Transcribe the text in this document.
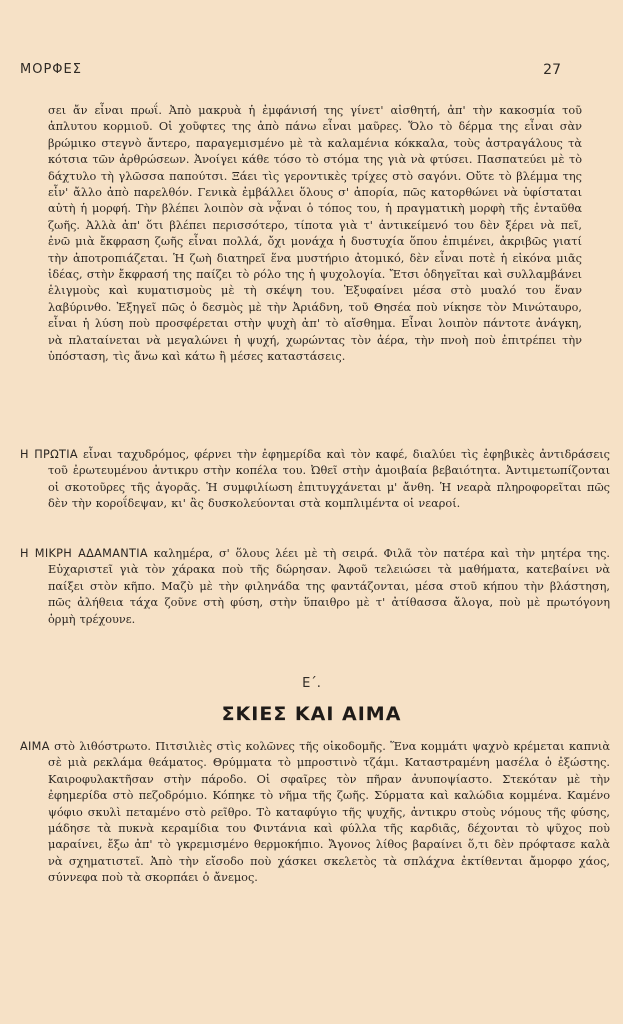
ΜΟΡΦΕΣ	27
σει ἄν εἶναι πρωΐ. Ἀπὸ μακρυὰ ἡ ἐμφάνισή της γίνετ' αἰσθητή, ἀπ' τὴν κακοσμία τοῦ ἀπλυτου κορμιοῦ. Οἱ χοῦφτες της ἀπὸ πάνω εἶναι μαῦρες. Ὅλο τὸ δέρμα της εἶναι σὰν βρώμικο στεγνὸ ἄντερο, παραγεμισμένο μὲ τὰ καλαμένια κόκκαλα, τοὺς ἀστραγάλους τὰ κότσια τῶν ἀρθρώσεων. Ἀνοίγει κάθε τόσο τὸ στόμα της γιὰ νὰ φτύσει. Πασπατεύει μὲ τὸ δάχτυλο τὴ γλῶσσα παπούτσι. Ξάει τὶς γεροντικὲς τρίχες στὸ σαγόνι. Οὔτε τὸ βλέμμα της εἶν' ἄλλο ἀπὸ παρελθόν. Γενικὰ ἐμβάλλει ὅλους σ' ἀπορία, πῶς κατορθώνει νὰ ὑφίσταται αὐτὴ ἡ μορφή. Τὴν βλέπει λοιπὸν σὰ νᾆναι ὁ τόπος του, ἡ πραγματικὴ μορφὴ τῆς ἐνταῦθα ζωῆς. Ἀλλὰ ἀπ' ὅτι βλέπει περισσότερο, τίποτα γιὰ τ' ἀντικείμενό του δὲν ξέρει νὰ πεῖ, ἐνῶ μιὰ ἔκφραση ζωῆς εἶναι πολλά, ὄχι μονάχα ἡ δυστυχία ὅπου ἐπιμένει, ἀκριβῶς γιατί τὴν ἀποτροπιάζεται. Ἡ ζωὴ διατηρεῖ ἕνα μυστήριο ἀτομικό, δὲν εἶναι ποτὲ ἡ εἰκόνα μιᾶς ἰδέας, στὴν ἔκφρασή της παίζει τὸ ρόλο της ἡ ψυχολογία. Ἔτσι ὁδηγεῖται καὶ συλλαμβάνει ἑλιγμοὺς καὶ κυματισμοὺς μὲ τὴ σκέψη του. Ἐξυφαίνει μέσα στὸ μυαλό του ἕναν λαβύρινθο. Ἐξηγεῖ πῶς ὁ δεσμὸς μὲ τὴν Ἀριάδνη, τοῦ Θησέα ποὺ νίκησε τὸν Μινώταυρο, εἶναι ἡ λύση ποὺ προσφέρεται στὴν ψυχὴ ἀπ' τὸ αἴσθημα. Εἶναι λοιπὸν πάντοτε ἀνάγκη, νὰ πλαταίνεται νὰ μεγαλώνει ἡ ψυχή, χωρώντας τὸν ἀέρα, τὴν πνοὴ ποὺ ἐπιτρέπει τὴν ὑπόσταση, τὶς ἄνω καὶ κάτω ἢ μέσες καταστάσεις.
Η ΠΡΩΤΙΑ εἶναι ταχυδρόμος, φέρνει τὴν ἐφημερίδα καὶ τὸν καφέ, διαλύει τὶς ἐφηβικὲς ἀντιδράσεις τοῦ ἐρωτευμένου ἀντικρυ στὴν κοπέλα του. Ὠθεῖ στὴν ἀμοιβαία βεβαιότητα. Ἀντιμετωπίζονται οἱ σκοτοῦρες τῆς ἀγορᾶς. Ἡ συμφιλίωση ἐπιτυγχάνεται μ' ἄνθη. Ἡ νεαρὰ πληροφορεῖται πῶς δὲν τὴν κοροΐδεψαν, κι' ἂς δυσκολεύονται στὰ κομπλιμέντα οἱ νεαροί.
Η ΜΙΚΡΗ ΑΔΑΜΑΝΤΙΑ καλημέρα, σ' ὅλους λέει μὲ τὴ σειρά. Φιλᾶ τὸν πατέρα καὶ τὴν μητέρα της. Εὐχαριστεῖ γιὰ τὸν χάρακα ποὺ τῆς δώρησαν. Ἀφοῦ τελειώσει τὰ μαθήματα, κατεβαίνει νὰ παίξει στὸν κῆπο. Μαζὺ μὲ τὴν φιληνάδα της φαντάζονται, μέσα στοῦ κήπου τὴν βλάστηση, πῶς ἀλήθεια τάχα ζοῦνε στὴ φύση, στὴν ὕπαιθρο μὲ τ' ἀτίθασσα ἄλογα, ποὺ μὲ πρωτόγονη ὁρμὴ τρέχουνε.
Ε΄.
ΣΚΙΕΣ ΚΑΙ ΑΙΜΑ
ΑΙΜΑ στὸ λιθόστρωτο. Πιτσιλιὲς στὶς κολῶνες τῆς οἰκοδομῆς. Ἕνα κομμάτι ψαχνὸ κρέμεται καπνιὰ σὲ μιὰ ρεκλάμα θεάματος. Θρύμματα τὸ μπροστινὸ τζάμι. Καταστραμένη μασέλα ὁ ἐξώστης. Καιροφυλακτῆσαν στὴν πάροδο. Οἱ σφαῖρες τὸν πῆραν ἀνυποψίαστο. Στεκόταν μὲ τὴν ἐφημερίδα στὸ πεζοδρόμιο. Κόπηκε τὸ νῆμα τῆς ζωῆς. Σύρματα καὶ καλώδια κομμένα. Καμένο ψόφιο σκυλὶ πεταμένο στὸ ρεῖθρο. Τὸ καταφύγιο τῆς ψυχῆς, ἀντικρυ στοὺς νόμους τῆς φύσης, μάδησε τὰ πυκνὰ κεραμίδια του Φιντάνια καὶ φύλλα τῆς καρδιᾶς, δέχονται τὸ ψῦχος ποὺ μαραίνει, ἔξω ἀπ' τὸ γκρεμισμένο θερμοκήπιο. Ἄγονος λίθος βαραίνει ὅ,τι δὲν πρόφτασε καλὰ νὰ σχηματιστεῖ. Ἀπὸ τὴν εἴσοδο ποὺ χάσκει σκελετὸς τὰ σπλάχνα ἐκτίθενται ἄμορφο χάος, σύννεφα ποὺ τὰ σκορπάει ὁ ἄνεμος.
